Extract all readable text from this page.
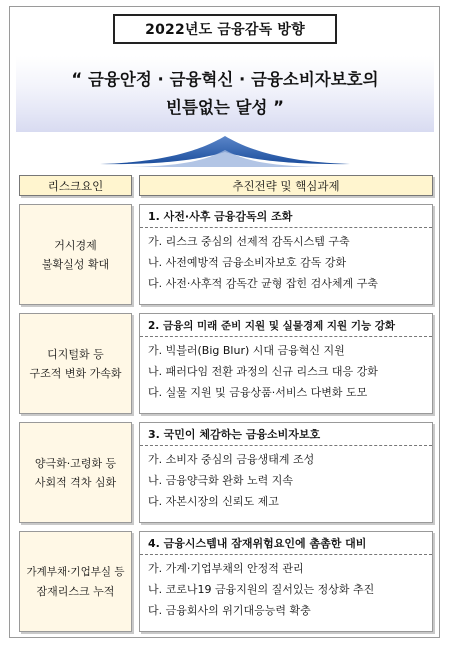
2022년도 금융감독 방향
“ 금융안정 · 금융혁신 · 금융소비자보호의
빈틈없는 달성 ”
리스크요인	추진전략 및 핵심과제
거시경제
불확실성 확대
1. 사전·사후 금융감독의 조화
가. 리스크 중심의 선제적 감독시스템 구축
나. 사전예방적 금융소비자보호 감독 강화
다. 사전·사후적 감독간 균형 잡힌 검사체계 구축
디지털화 등
구조적 변화 가속화
2. 금융의 미래 준비 지원 및 실물경제 지원 기능 강화
가. 빅블러(Big Blur) 시대 금융혁신 지원
나. 패러다임 전환 과정의 신규 리스크 대응 강화
다. 실물 지원 및 금융상품·서비스 다변화 도모
양극화·고령화 등
사회적 격차 심화
3. 국민이 체감하는 금융소비자보호
가. 소비자 중심의 금융생태계 조성
나. 금융양극화 완화 노력 지속
다. 자본시장의 신뢰도 제고
가계부채·기업부실 등
잠재리스크 누적
4. 금융시스템내 잠재위험요인에 촘촘한 대비
가. 가계·기업부채의 안정적 관리
나. 코로나19 금융지원의 질서있는 정상화 추진
다. 금융회사의 위기대응능력 확충
